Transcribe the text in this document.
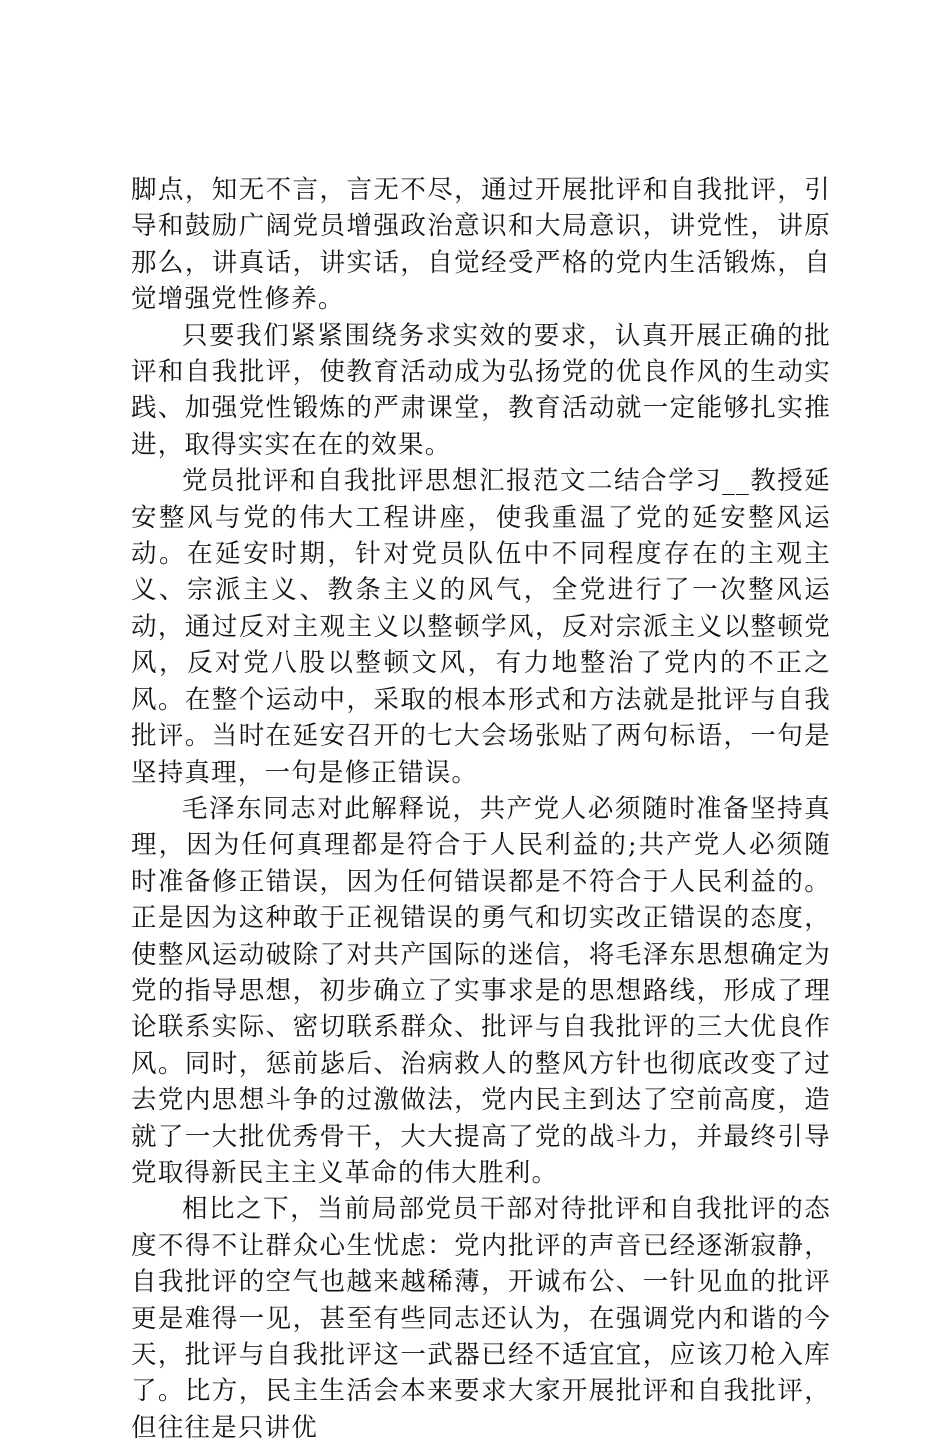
脚点，知无不言，言无不尽，通过开展批评和自我批评，引导和鼓励广阔党员增强政治意识和大局意识，讲党性，讲原那么，讲真话，讲实话，自觉经受严格的党内生活锻炼，自觉增强党性修养。

只要我们紧紧围绕务求实效的要求，认真开展正确的批评和自我批评，使教育活动成为弘扬党的优良作风的生动实践、加强党性锻炼的严肃课堂，教育活动就一定能够扎实推进，取得实实在在的效果。

党员批评和自我批评思想汇报范文二结合学习__教授延安整风与党的伟大工程讲座，使我重温了党的延安整风运动。在延安时期，针对党员队伍中不同程度存在的主观主义、宗派主义、教条主义的风气，全党进行了一次整风运动，通过反对主观主义以整顿学风，反对宗派主义以整顿党风，反对党八股以整顿文风，有力地整治了党内的不正之风。在整个运动中，采取的根本形式和方法就是批评与自我批评。当时在延安召开的七大会场张贴了两句标语，一句是坚持真理，一句是修正错误。

毛泽东同志对此解释说，共产党人必须随时准备坚持真理，因为任何真理都是符合于人民利益的;共产党人必须随时准备修正错误，因为任何错误都是不符合于人民利益的。正是因为这种敢于正视错误的勇气和切实改正错误的态度，使整风运动破除了对共产国际的迷信，将毛泽东思想确定为党的指导思想，初步确立了实事求是的思想路线，形成了理论联系实际、密切联系群众、批评与自我批评的三大优良作风。同时，惩前毖后、治病救人的整风方针也彻底改变了过去党内思想斗争的过激做法，党内民主到达了空前高度，造就了一大批优秀骨干，大大提高了党的战斗力，并最终引导党取得新民主主义革命的伟大胜利。

相比之下，当前局部党员干部对待批评和自我批评的态度不得不让群众心生忧虑：党内批评的声音已经逐渐寂静，自我批评的空气也越来越稀薄，开诚布公、一针见血的批评更是难得一见，甚至有些同志还认为，在强调党内和谐的今天，批评与自我批评这一武器已经不适宜宜，应该刀枪入库了。比方，民主生活会本来要求大家开展批评和自我批评，但往往是只讲优
